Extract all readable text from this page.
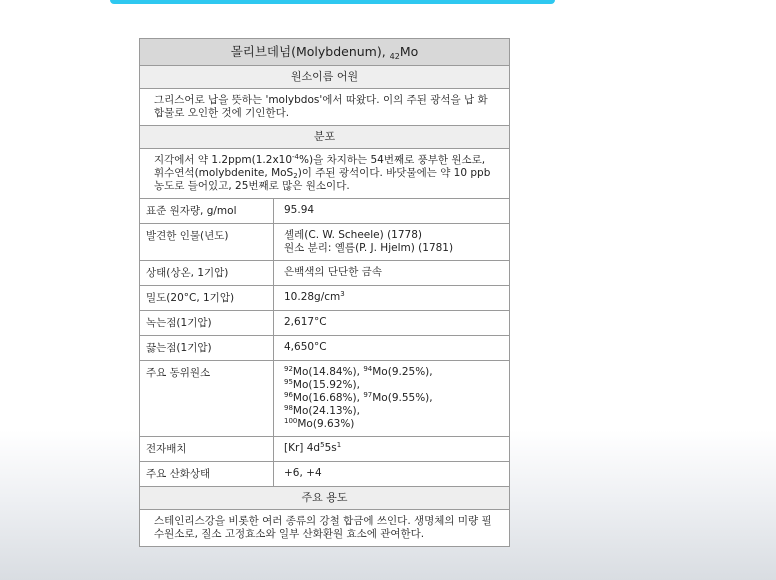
몰리브데넘(Molybdenum), $_{42}$Mo
원소이름 어원
그리스어로 납을 뜻하는 'molybdos'에서 따왔다. 이의 주된 광석을 납 화합물로 오인한 것에 기인한다.
분포
지각에서 약 $1.2ppm(1.2x10^{-4}\%)$을 차지하는 54번째로 풍부한 원소로, 휘수연석(molybdenite, MoS$_2$)이 주된 광석이다. 바닷물에는 약 10 ppb 농도로 들어있고, 25번째로 많은 원소이다.
표준 원자량, g/mol	95.94
발견한 인물(년도)	셸레(C. W. Scheele) (1778)
원소 분리: 옐름(P. J. Hjelm) (1781)
상태(상온, 1기압)	은백색의 단단한 금속
밀도(20°C, 1기압)	$10.28g/cm^3$
녹는점(1기압)	2,617°C
끓는점(1기압)	4,650°C
주요 동위원소	$^{92}$Mo(14.84%), $^{94}$Mo(9.25%), $^{95}$Mo(15.92%),
$^{96}$Mo(16.68%), $^{97}$Mo(9.55%), $^{98}$Mo(24.13%),
$^{100}$Mo(9.63%)
전자배치	[Kr] $4d^55s^1$
주요 산화상태	+6, +4
주요 용도
스테인리스강을 비롯한 여러 종류의 강철 합금에 쓰인다. 생명체의 미량 필수원소로, 질소 고정효소와 일부 산화환원 효소에 관여한다.
